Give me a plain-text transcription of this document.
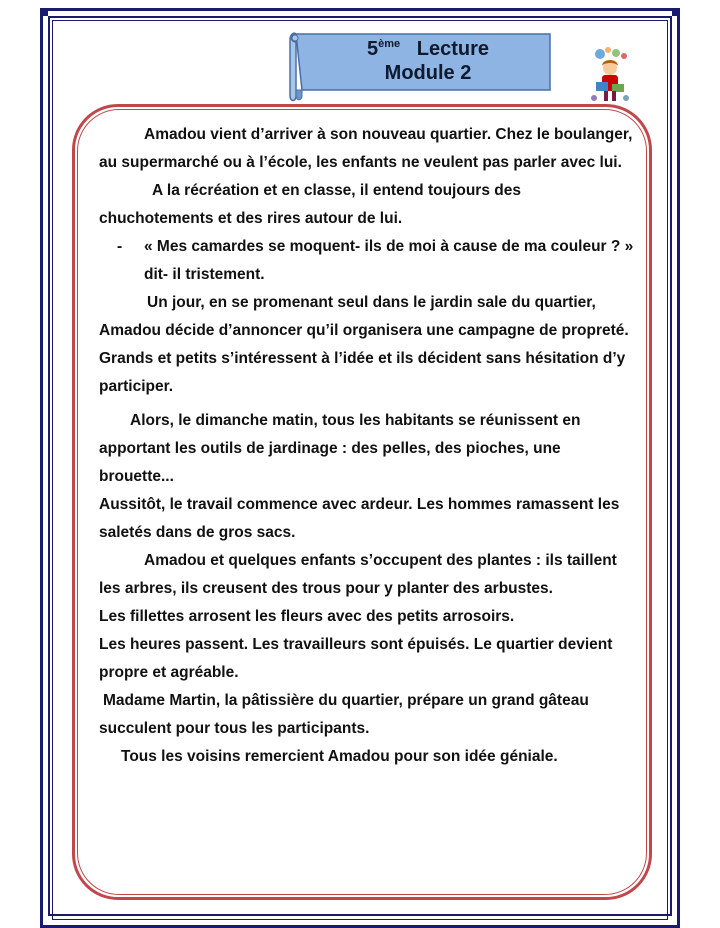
5ème Lecture
Module 2

Amadou vient d’arriver à son nouveau quartier. Chez le boulanger, au supermarché ou à l’école, les enfants ne veulent pas parler avec lui.

A la récréation et en classe, il entend toujours des chuchotements et des rires autour de lui.

- « Mes camardes se moquent- ils de moi à cause de ma couleur ? » dit- il tristement.

Un jour, en se promenant seul dans le jardin sale du quartier, Amadou décide d’annoncer qu’il organisera une campagne de propreté.

Grands et petits s’intéressent à l’idée et ils décident sans hésitation d’y participer.

Alors, le dimanche matin, tous les habitants se réunissent en apportant les outils de jardinage : des pelles, des pioches, une brouette...

Aussitôt, le travail commence avec ardeur. Les hommes ramassent les saletés dans de gros sacs.

Amadou et quelques enfants s’occupent des plantes : ils taillent les arbres, ils creusent des trous pour y planter des arbustes.

Les fillettes arrosent les fleurs avec des petits arrosoirs.

Les heures passent. Les travailleurs sont épuisés. Le quartier devient propre et agréable.

Madame Martin, la pâtissière du quartier, prépare un grand gâteau succulent pour tous les participants.

Tous les voisins remercient Amadou pour son idée géniale.
